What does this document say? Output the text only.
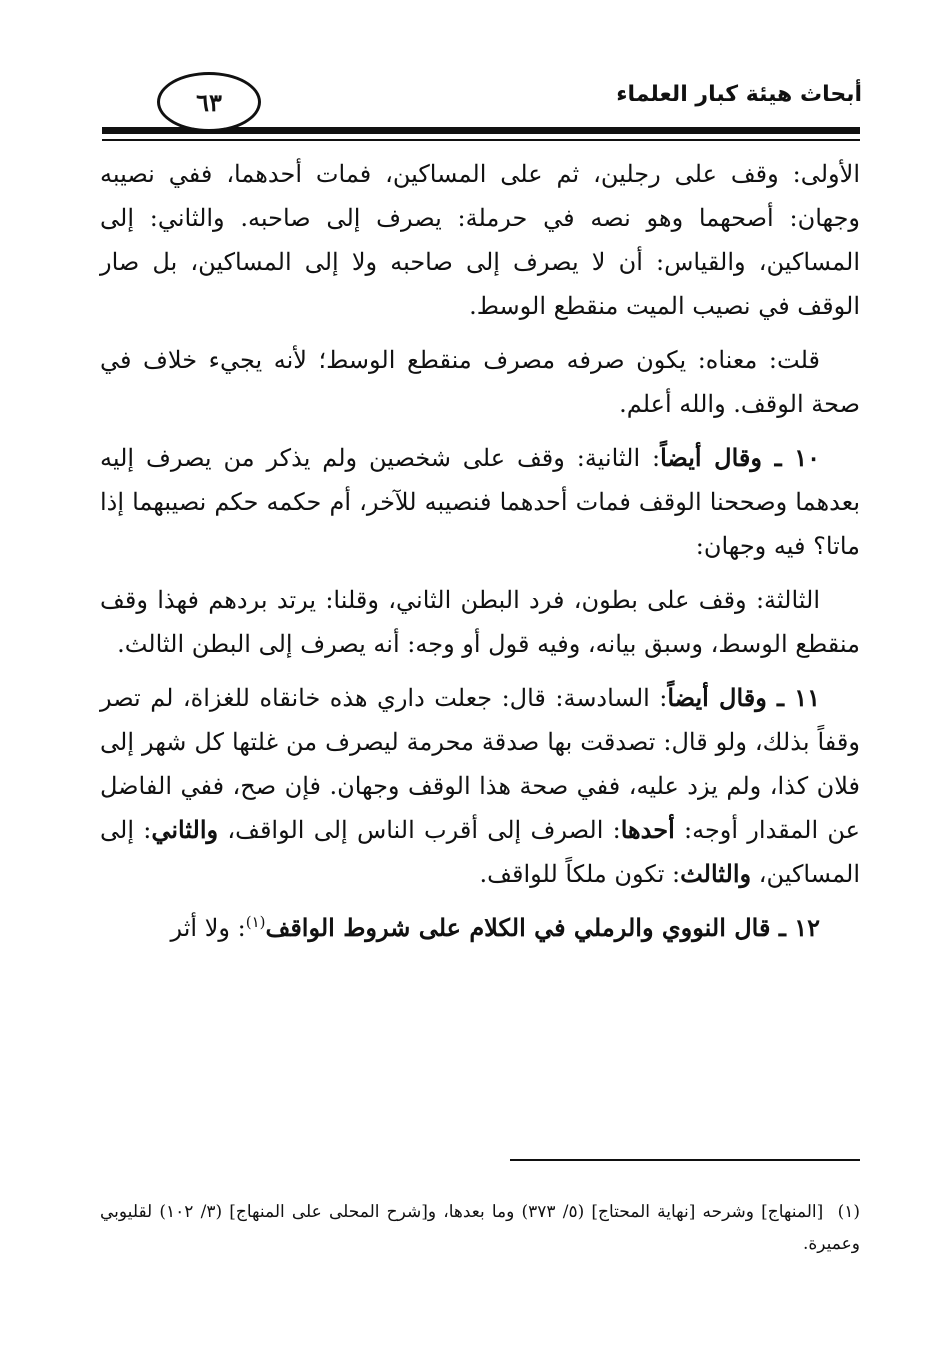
أبحاث هيئة كبار العلماء
٦٣

الأولى: وقف على رجلين، ثم على المساكين، فمات أحدهما، ففي نصيبه وجهان: أصحهما وهو نصه في حرملة: يصرف إلى صاحبه. والثاني: إلى المساكين، والقياس: أن لا يصرف إلى صاحبه ولا إلى المساكين، بل صار الوقف في نصيب الميت منقطع الوسط.

قلت: معناه: يكون صرفه مصرف منقطع الوسط؛ لأنه يجيء خلاف في صحة الوقف. والله أعلم.

١٠ ـ وقال أيضاً: الثانية: وقف على شخصين ولم يذكر من يصرف إليه بعدهما وصححنا الوقف فمات أحدهما فنصيبه للآخر، أم حكمه حكم نصيبهما إذا ماتا؟ فيه وجهان:

الثالثة: وقف على بطون، فرد البطن الثاني، وقلنا: يرتد بردهم فهذا وقف منقطع الوسط، وسبق بيانه، وفيه قول أو وجه: أنه يصرف إلى البطن الثالث.

١١ ـ وقال أيضاً: السادسة: قال: جعلت داري هذه خانقاه للغزاة، لم تصر وقفاً بذلك، ولو قال: تصدقت بها صدقة محرمة ليصرف من غلتها كل شهر إلى فلان كذا، ولم يزد عليه، ففي صحة هذا الوقف وجهان. فإن صح، ففي الفاضل عن المقدار أوجه: أحدها: الصرف إلى أقرب الناس إلى الواقف، والثاني: إلى المساكين، والثالث: تكون ملكاً للواقف.

١٢ ـ قال النووي والرملي في الكلام على شروط الواقف$^{(١)}$: ولا أثر

(١)  [المنهاج] وشرحه [نهاية المحتاج] (٥/ ٣٧٣) وما بعدها، و[شرح المحلى على المنهاج] (٣/ ١٠٢) لقليوبي وعميرة.
